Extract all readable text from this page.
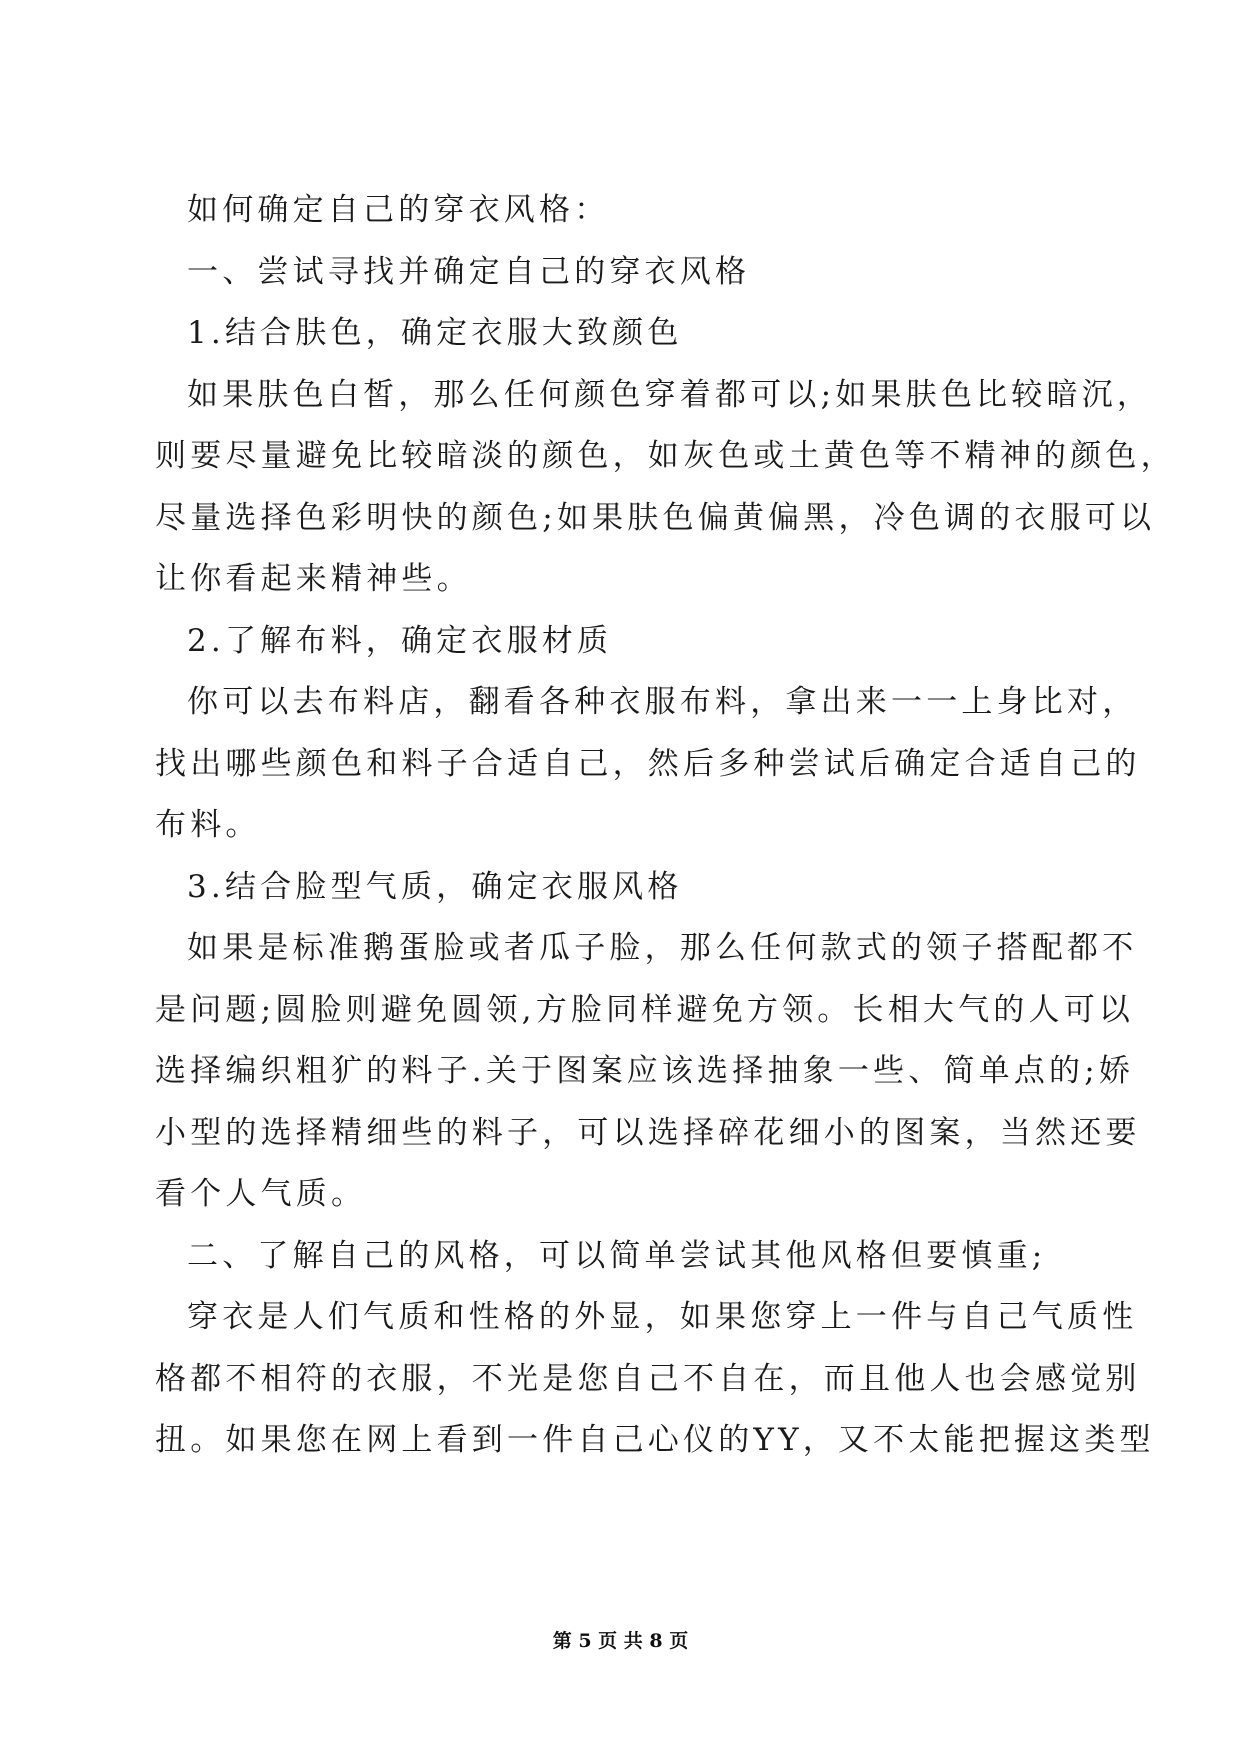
如何确定自己的穿衣风格：
一、尝试寻找并确定自己的穿衣风格
1.结合肤色，确定衣服大致颜色
如果肤色白皙，那么任何颜色穿着都可以;如果肤色比较暗沉，
则要尽量避免比较暗淡的颜色，如灰色或土黄色等不精神的颜色，
尽量选择色彩明快的颜色;如果肤色偏黄偏黑，冷色调的衣服可以
让你看起来精神些。
2.了解布料，确定衣服材质
你可以去布料店，翻看各种衣服布料，拿出来一一上身比对，
找出哪些颜色和料子合适自己，然后多种尝试后确定合适自己的
布料。
3.结合脸型气质，确定衣服风格
如果是标准鹅蛋脸或者瓜子脸，那么任何款式的领子搭配都不
是问题;圆脸则避免圆领,方脸同样避免方领。长相大气的人可以
选择编织粗犷的料子.关于图案应该选择抽象一些、简单点的;娇
小型的选择精细些的料子，可以选择碎花细小的图案，当然还要
看个人气质。
二、了解自己的风格，可以简单尝试其他风格但要慎重;
穿衣是人们气质和性格的外显，如果您穿上一件与自己气质性
格都不相符的衣服，不光是您自己不自在，而且他人也会感觉别
扭。如果您在网上看到一件自己心仪的YY，又不太能把握这类型
第 5 页 共 8 页
